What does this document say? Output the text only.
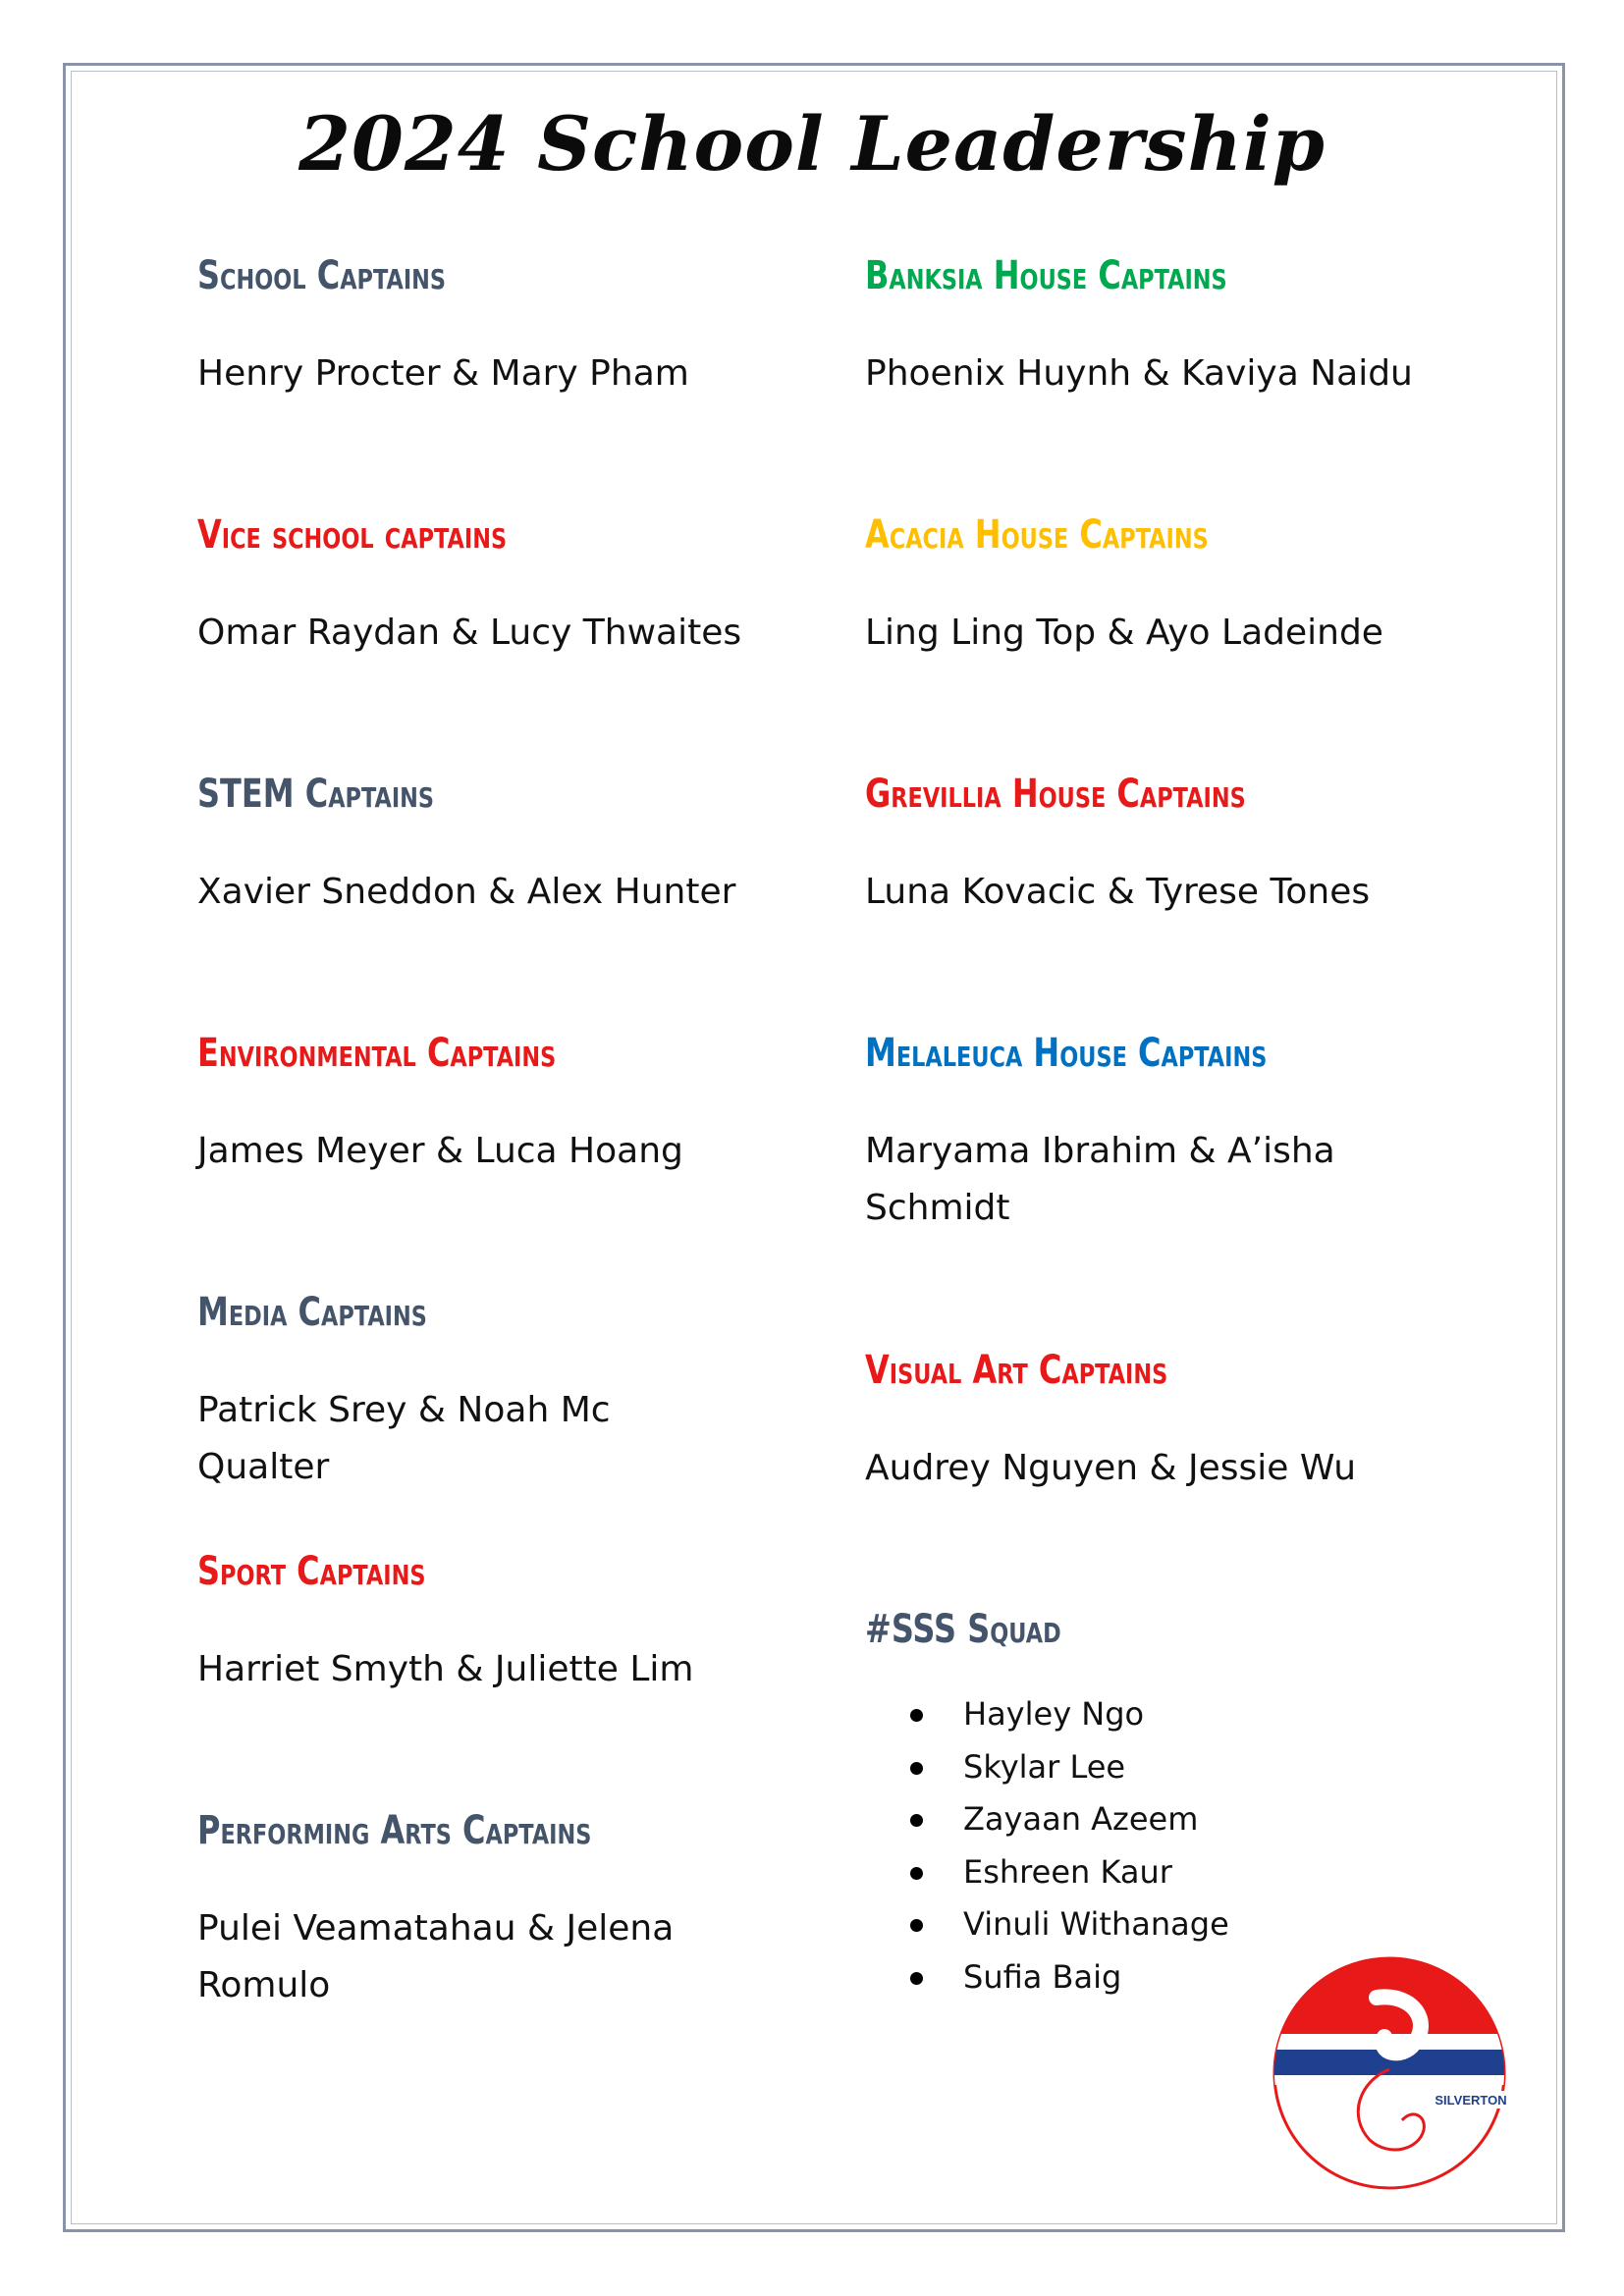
2024 School Leadership
School Captains
Henry Procter & Mary Pham
Vice school captains
Omar Raydan & Lucy Thwaites
STEM Captains
Xavier Sneddon & Alex Hunter
Environmental Captains
James Meyer & Luca Hoang
Media Captains
Patrick Srey & Noah Mc Qualter
Sport Captains
Harriet Smyth & Juliette Lim
Performing Arts Captains
Pulei Veamatahau & Jelena Romulo
Banksia House Captains
Phoenix Huynh & Kaviya Naidu
Acacia House Captains
Ling Ling Top & Ayo Ladeinde
Grevillia House Captains
Luna Kovacic & Tyrese Tones
Melaleuca House Captains
Maryama Ibrahim & A’isha Schmidt
Visual Art Captains
Audrey Nguyen & Jessie Wu
#SSS Squad
Hayley Ngo
Skylar Lee
Zayaan Azeem
Eshreen Kaur
Vinuli Withanage
Sufia Baig
SILVERTON
